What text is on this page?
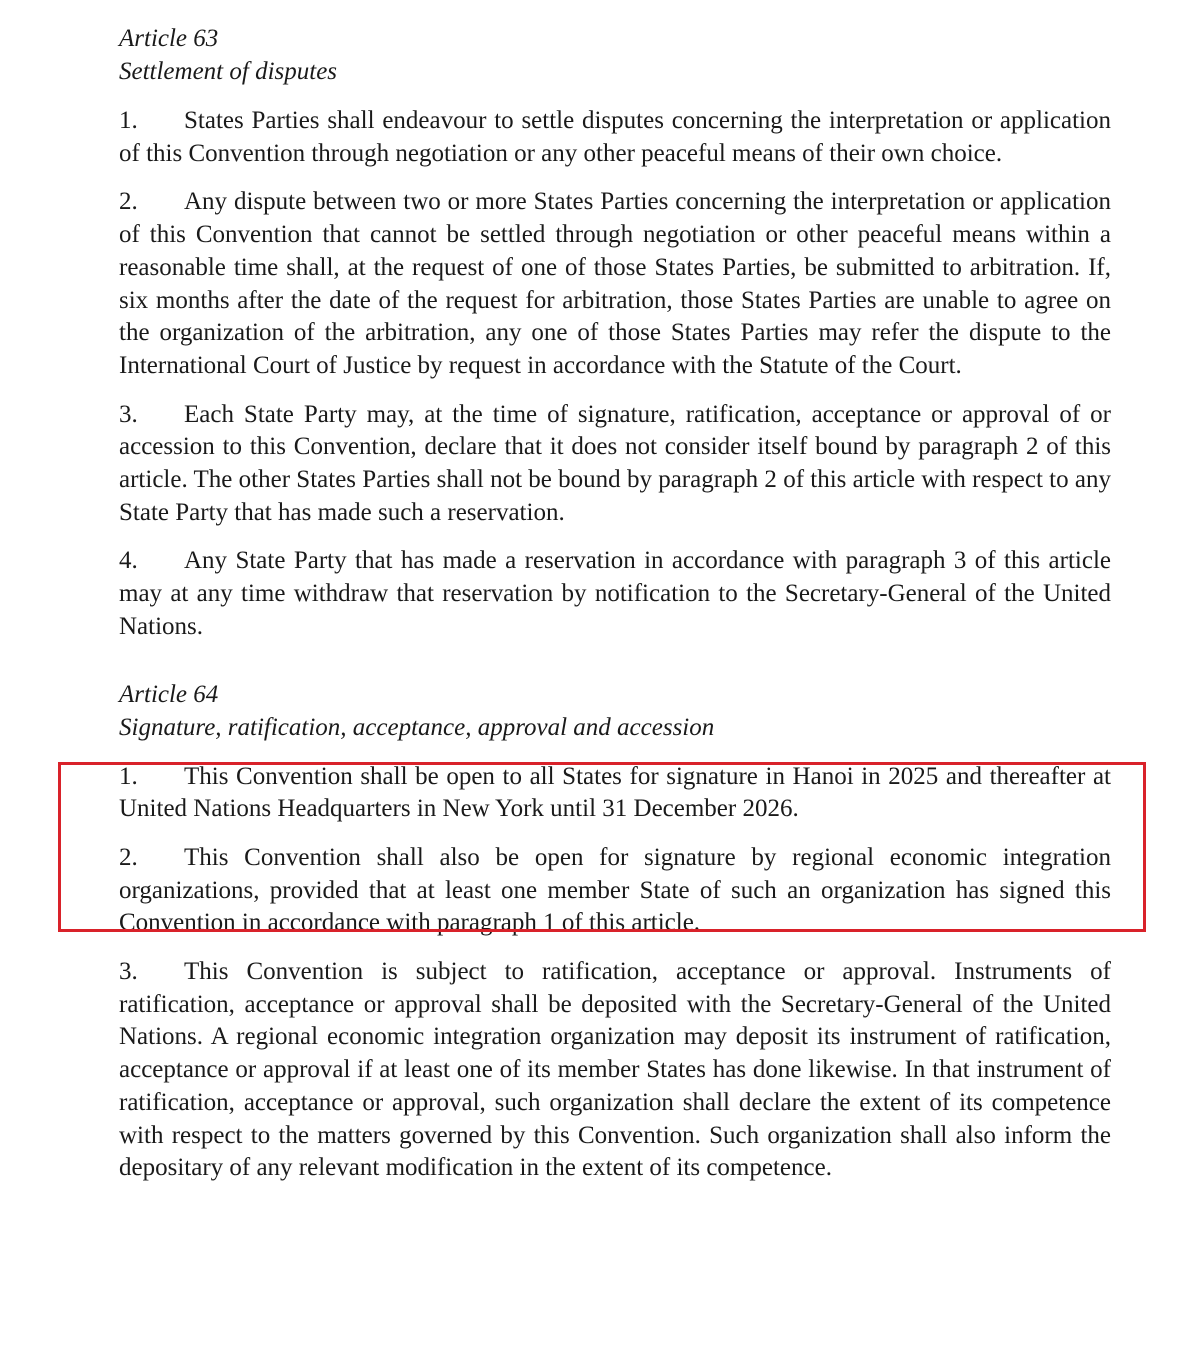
Article 63
Settlement of disputes

1. States Parties shall endeavour to settle disputes concerning the interpretation or application of this Convention through negotiation or any other peaceful means of their own choice.

2. Any dispute between two or more States Parties concerning the interpretation or application of this Convention that cannot be settled through negotiation or other peaceful means within a reasonable time shall, at the request of one of those States Parties, be submitted to arbitration. If, six months after the date of the request for arbitration, those States Parties are unable to agree on the organization of the arbitration, any one of those States Parties may refer the dispute to the International Court of Justice by request in accordance with the Statute of the Court.

3. Each State Party may, at the time of signature, ratification, acceptance or approval of or accession to this Convention, declare that it does not consider itself bound by paragraph 2 of this article. The other States Parties shall not be bound by paragraph 2 of this article with respect to any State Party that has made such a reservation.

4. Any State Party that has made a reservation in accordance with paragraph 3 of this article may at any time withdraw that reservation by notification to the Secretary-General of the United Nations.

Article 64
Signature, ratification, acceptance, approval and accession

1. This Convention shall be open to all States for signature in Hanoi in 2025 and thereafter at United Nations Headquarters in New York until 31 December 2026.

2. This Convention shall also be open for signature by regional economic integration organizations, provided that at least one member State of such an organization has signed this Convention in accordance with paragraph 1 of this article.

3. This Convention is subject to ratification, acceptance or approval. Instruments of ratification, acceptance or approval shall be deposited with the Secretary-General of the United Nations. A regional economic integration organization may deposit its instrument of ratification, acceptance or approval if at least one of its member States has done likewise. In that instrument of ratification, acceptance or approval, such organization shall declare the extent of its competence with respect to the matters governed by this Convention. Such organization shall also inform the depositary of any relevant modification in the extent of its competence.
